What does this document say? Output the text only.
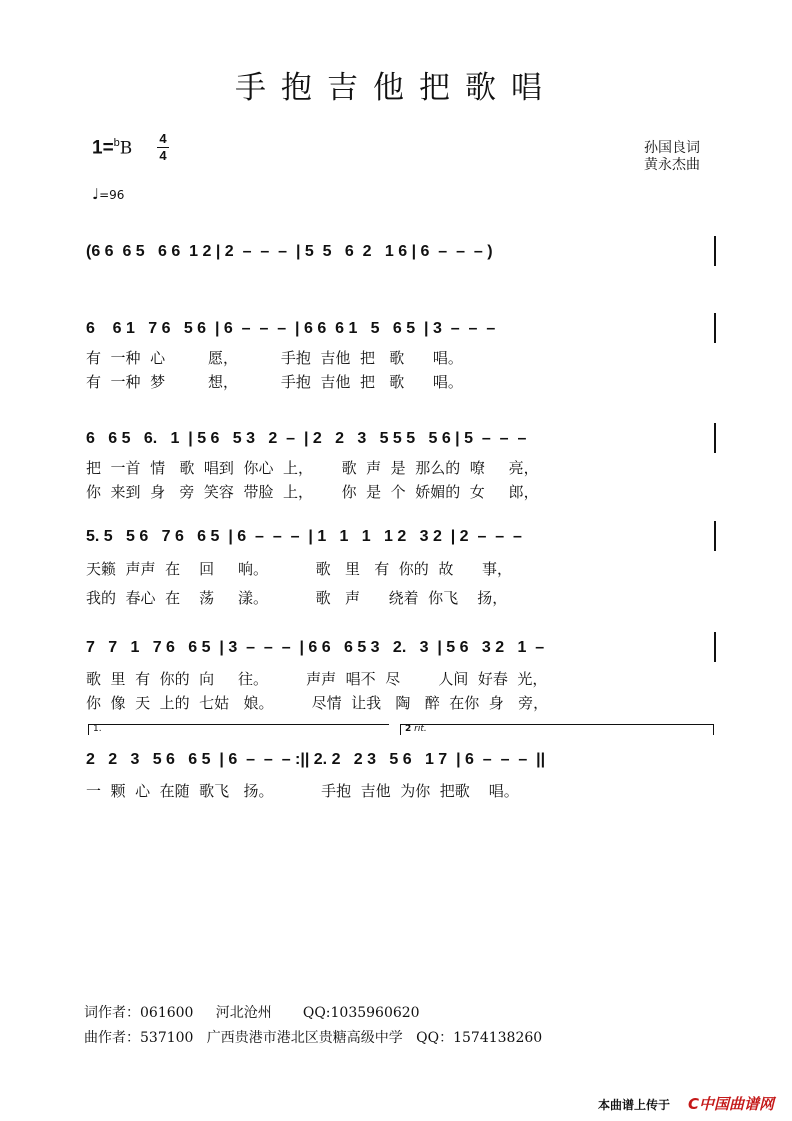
手抱吉他把歌唱
1=$^b$B 4
4	孙国良词
黄永杰曲
♩=96
(6 6  6 5   6 6  1 2 | 2  –  –  –  | 5  5   6  2   1 6 | 6  –  –  – )
6    6 1   7 6   5 6  | 6  –  –  –  | 6 6  6 1   5   6 5  | 3  –  –  –
有  一种  心         愿，         手抱  吉他  把   歌      唱。
有  一种  梦         想，         手抱  吉他  把   歌      唱。
6   6 5   6.   1  | 5 6   5 3   2  –  | 2   2   3   5 5 5   5 6 | 5  –  –  –
把  一首  情   歌  唱到  你心  上，      歌  声  是  那么的  嘹     亮，
你  来到  身   旁  笑容  带脸  上，      你  是  个  娇媚的  女     郎，
5. 5   5 6   7 6   6 5  | 6  –  –  –  | 1   1   1   1 2   3 2  | 2  –  –  –
天籁  声声  在    回     响。          歌   里   有  你的  故      事，
我的  春心  在    荡     漾。          歌   声      绕着  你飞    扬，
7   7   1   7 6   6 5  | 3  –  –  –  | 6 6   6 5 3   2.   3  | 5 6   3 2   1  –
歌  里  有  你的  向     往。        声声  唱不  尽        人间  好春  光，
你  像  天  上的  七姑   娘。        尽情  让我   陶   醉  在你  身   旁，
1.	2 rit.
2   2   3   5 6   6 5  | 6  –  –  – :|| 2. 2   2 3   5 6   1 7  | 6  –  –  –  ||
一  颗  心  在随  歌飞   扬。          手抱  吉他  为你  把歌    唱。
词作者：061600     河北沧州       QQ:1035960620
曲作者：537100   广西贵港市港北区贵糖高级中学   QQ：1574138260
本曲谱上传于 C中国曲谱网
